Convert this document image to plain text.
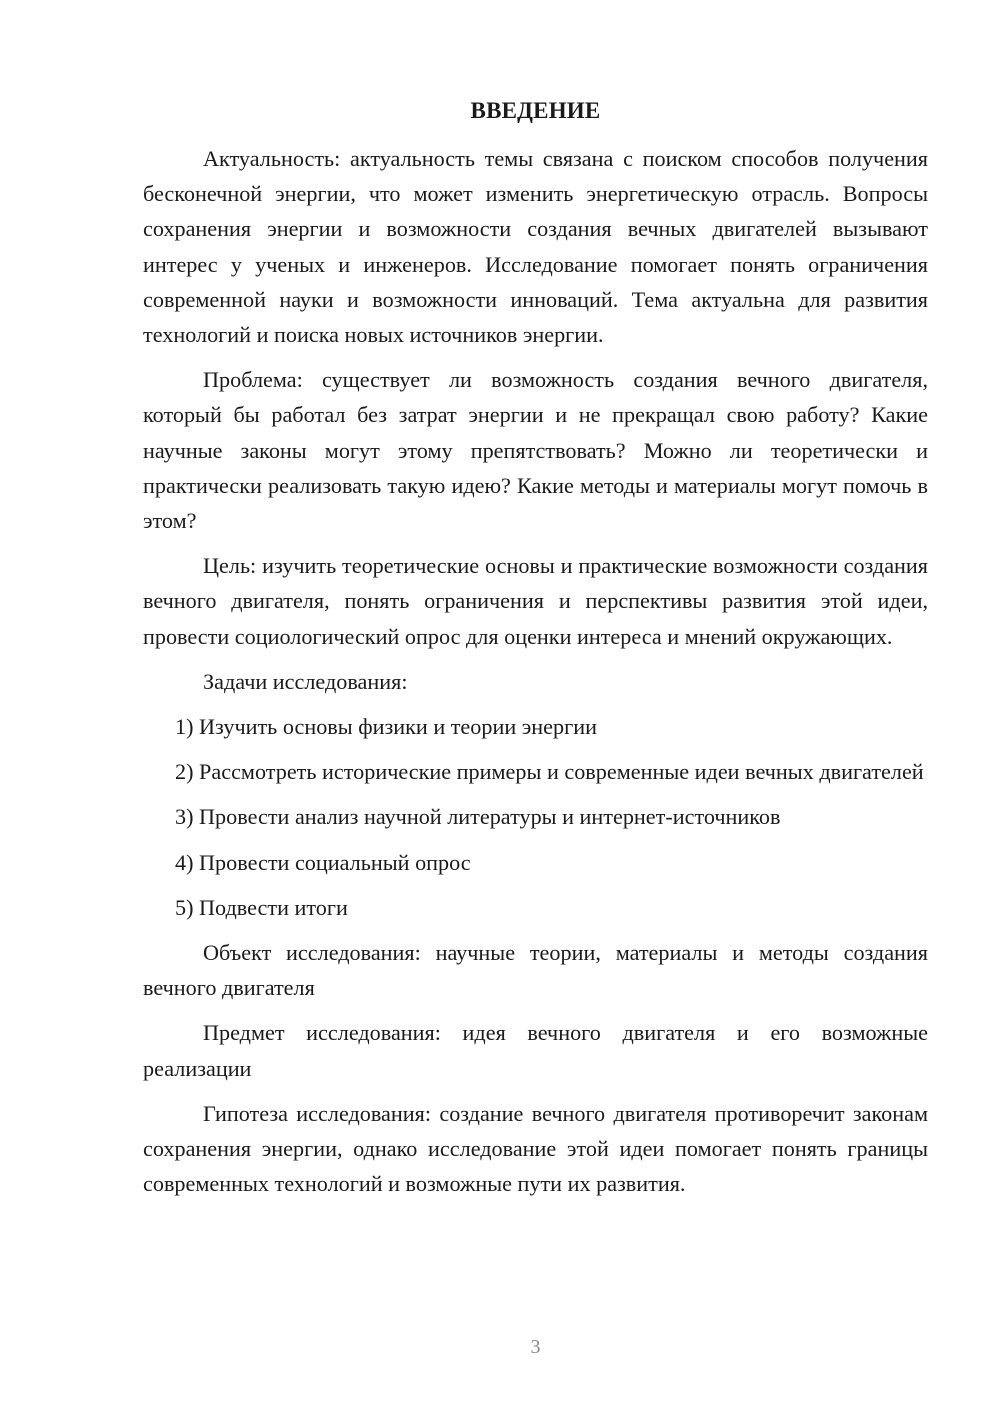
ВВЕДЕНИЕ

Актуальность: актуальность темы связана с поиском способов получения бесконечной энергии, что может изменить энергетическую отрасль. Вопросы сохранения энергии и возможности создания вечных двигателей вызывают интерес у ученых и инженеров. Исследование помогает понять ограничения современной науки и возможности инноваций. Тема актуальна для развития технологий и поиска новых источников энергии.

Проблема: существует ли возможность создания вечного двигателя, который бы работал без затрат энергии и не прекращал свою работу? Какие научные законы могут этому препятствовать? Можно ли теоретически и практически реализовать такую идею? Какие методы и материалы могут помочь в этом?

Цель: изучить теоретические основы и практические возможности создания вечного двигателя, понять ограничения и перспективы развития этой идеи, провести социологический опрос для оценки интереса и мнений окружающих.

Задачи исследования:

1) Изучить основы физики и теории энергии

2) Рассмотреть исторические примеры и современные идеи вечных двигателей

3) Провести анализ научной литературы и интернет-источников

4) Провести социальный опрос

5) Подвести итоги

Объект исследования: научные теории, материалы и методы создания вечного двигателя

Предмет исследования: идея вечного двигателя и его возможные реализации

Гипотеза исследования: создание вечного двигателя противоречит законам сохранения энергии, однако исследование этой идеи помогает понять границы современных технологий и возможные пути их развития.

3
